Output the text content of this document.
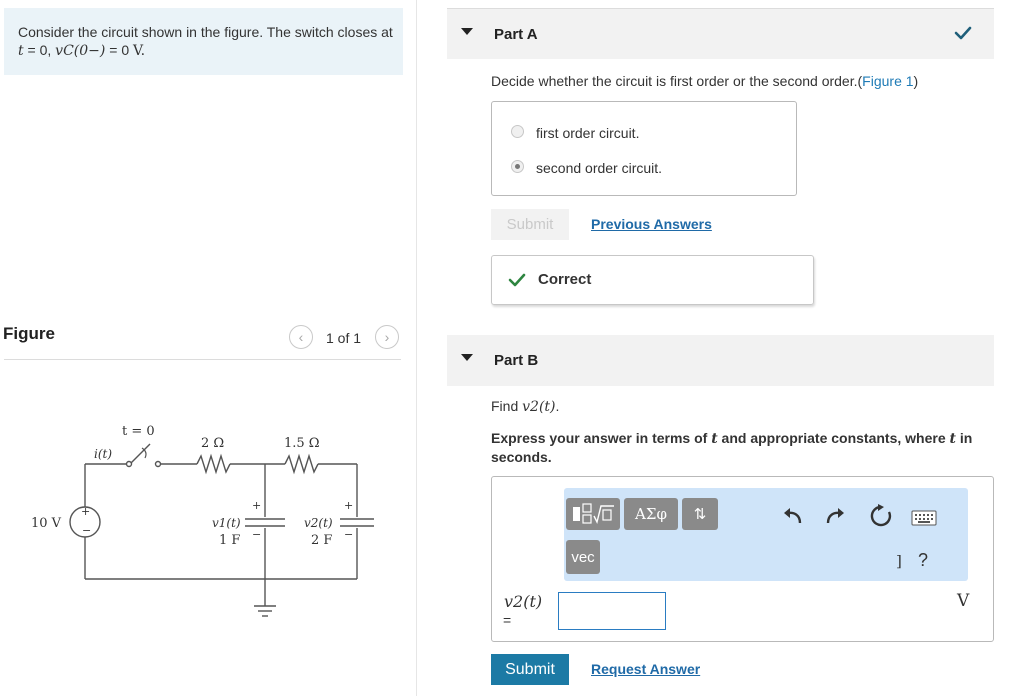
Consider the circuit shown in the figure. The switch closes at t = 0, vC(0−) = 0 V.
Figure	‹	1 of 1	›
t = 0
i(t)
2 Ω	1.5 Ω
10 V
+
−
+
−
v1(t)
1 F
+
−
v2(t)
2 F
Part A
Decide whether the circuit is first order or the second order.(Figure 1)
first order circuit.
second order circuit.
Submit	Previous Answers
Correct
Part B
Find v2(t).
Express your answer in terms of t and appropriate constants, where t in seconds.
ΑΣφ	⇅
vec	] ?
v2(t)
=
V
Submit	Request Answer
